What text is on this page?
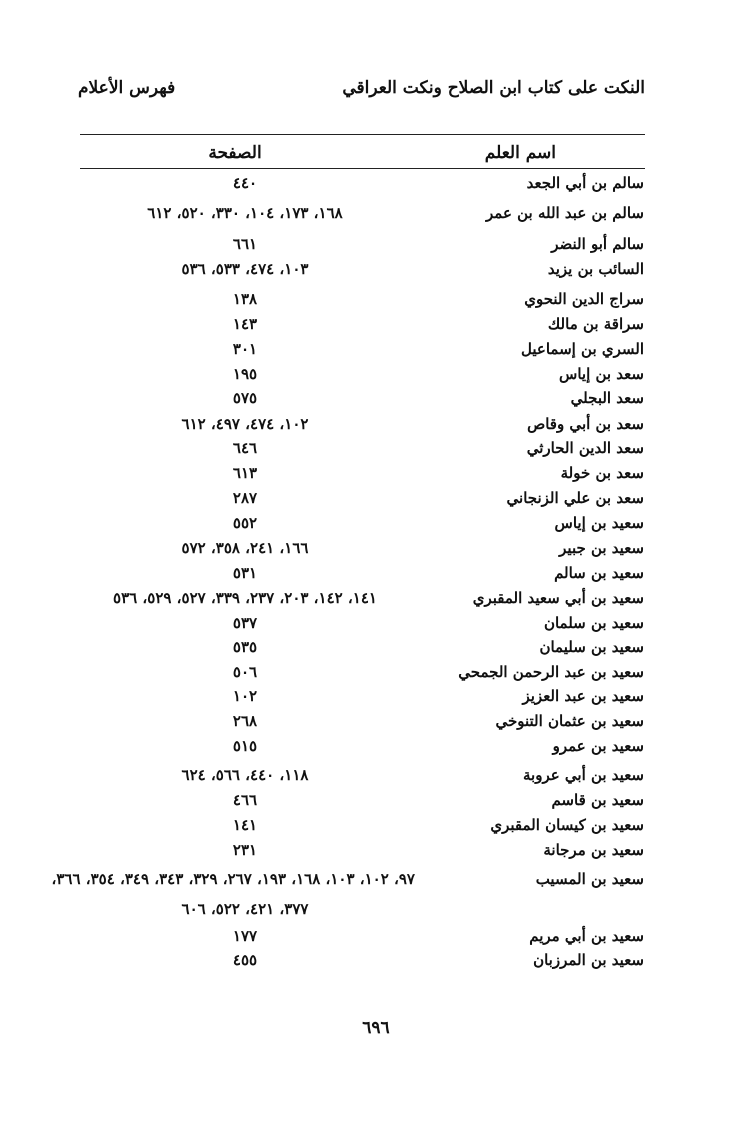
النكت على كتاب ابن الصلاح ونكت العراقي
فهرس الأعلام
اسم العلم
الصفحة
سالم بن أبي الجعد
٤٤٠
سالم بن عبد الله بن عمر
١٦٨، ١٧٣، ١٠٤، ٣٣٠، ٥٢٠، ٦١٢
سالم أبو النضر
٦٦١
السائب بن يزيد
١٠٣، ٤٧٤، ٥٣٣، ٥٣٦
سراج الدين النحوي
١٣٨
سراقة بن مالك
١٤٣
السري بن إسماعيل
٣٠١
سعد بن إياس
١٩٥
سعد البجلي
٥٧٥
سعد بن أبي وقاص
١٠٢، ٤٧٤، ٤٩٧، ٦١٢
سعد الدين الحارثي
٦٤٦
سعد بن خولة
٦١٣
سعد بن علي الزنجاني
٢٨٧
سعيد بن إياس
٥٥٢
سعيد بن جبير
١٦٦، ٢٤١، ٣٥٨، ٥٧٢
سعيد بن سالم
٥٣١
سعيد بن أبي سعيد المقبري
١٤١، ١٤٢، ٢٠٣، ٢٣٧، ٣٣٩، ٥٢٧، ٥٢٩، ٥٣٦
سعيد بن سلمان
٥٣٧
سعيد بن سليمان
٥٣٥
سعيد بن عبد الرحمن الجمحي
٥٠٦
سعيد بن عبد العزيز
١٠٢
سعيد بن عثمان التنوخي
٢٦٨
سعيد بن عمرو
٥١٥
سعيد بن أبي عروبة
١١٨، ٤٤٠، ٥٦٦، ٦٢٤
سعيد بن قاسم
٤٦٦
سعيد بن كيسان المقبري
١٤١
سعيد بن مرجانة
٢٣١
سعيد بن المسيب
٩٧، ١٠٢، ١٠٣، ١٦٨، ١٩٣، ٢٦٧، ٣٢٩، ٣٤٣، ٣٤٩، ٣٥٤، ٣٦٦،
٣٧٧، ٤٢١، ٥٢٢، ٦٠٦
سعيد بن أبي مريم
١٧٧
سعيد بن المرزبان
٤٥٥
٦٩٦
